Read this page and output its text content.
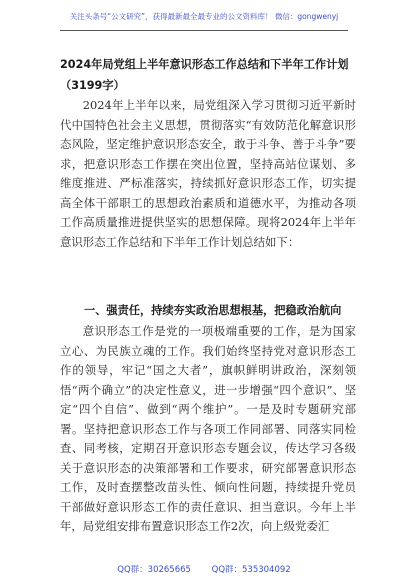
关注头条号“公文研究”，获得最新最全最专业的公文资料库！ 微信：gongwenyj
2024年局党组上半年意识形态工作总结和下半年工作计划
（3199字）

2024年上半年以来，局党组深入学习贯彻习近平新时代中国特色社会主义思想，贯彻落实“有效防范化解意识形态风险，坚定维护意识形态安全，敢于斗争、善于斗争”要求，把意识形态工作摆在突出位置，坚持高站位谋划、多维度推进、严标准落实，持续抓好意识形态工作，切实提高全体干部职工的思想政治素质和道德水平，为推动各项工作高质量推进提供坚实的思想保障。现将2024年上半年意识形态工作总结和下半年工作计划总结如下：

一、强责任，持续夯实政治思想根基，把稳政治航向

意识形态工作是党的一项极端重要的工作，是为国家立心、为民族立魂的工作。我们始终坚持党对意识形态工作的领导，牢记“国之大者”，旗帜鲜明讲政治，深刻领悟“两个确立”的决定性意义，进一步增强“四个意识”、坚定“四个自信”、做到“两个维护”。一是及时专题研究部署。坚持把意识形态工作与各项工作同部署、同落实同检查、同考核，定期召开意识形态专题会议，传达学习各级关于意识形态的决策部署和工作要求，研究部署意识形态工作，及时查摆整改苗头性、倾向性问题，持续提升党员干部做好意识形态工作的责任意识、担当意识。今年上半年，局党组安排布置意识形态工作2次，向上级党委汇

QQ群：30265665 QQ群：535304092
